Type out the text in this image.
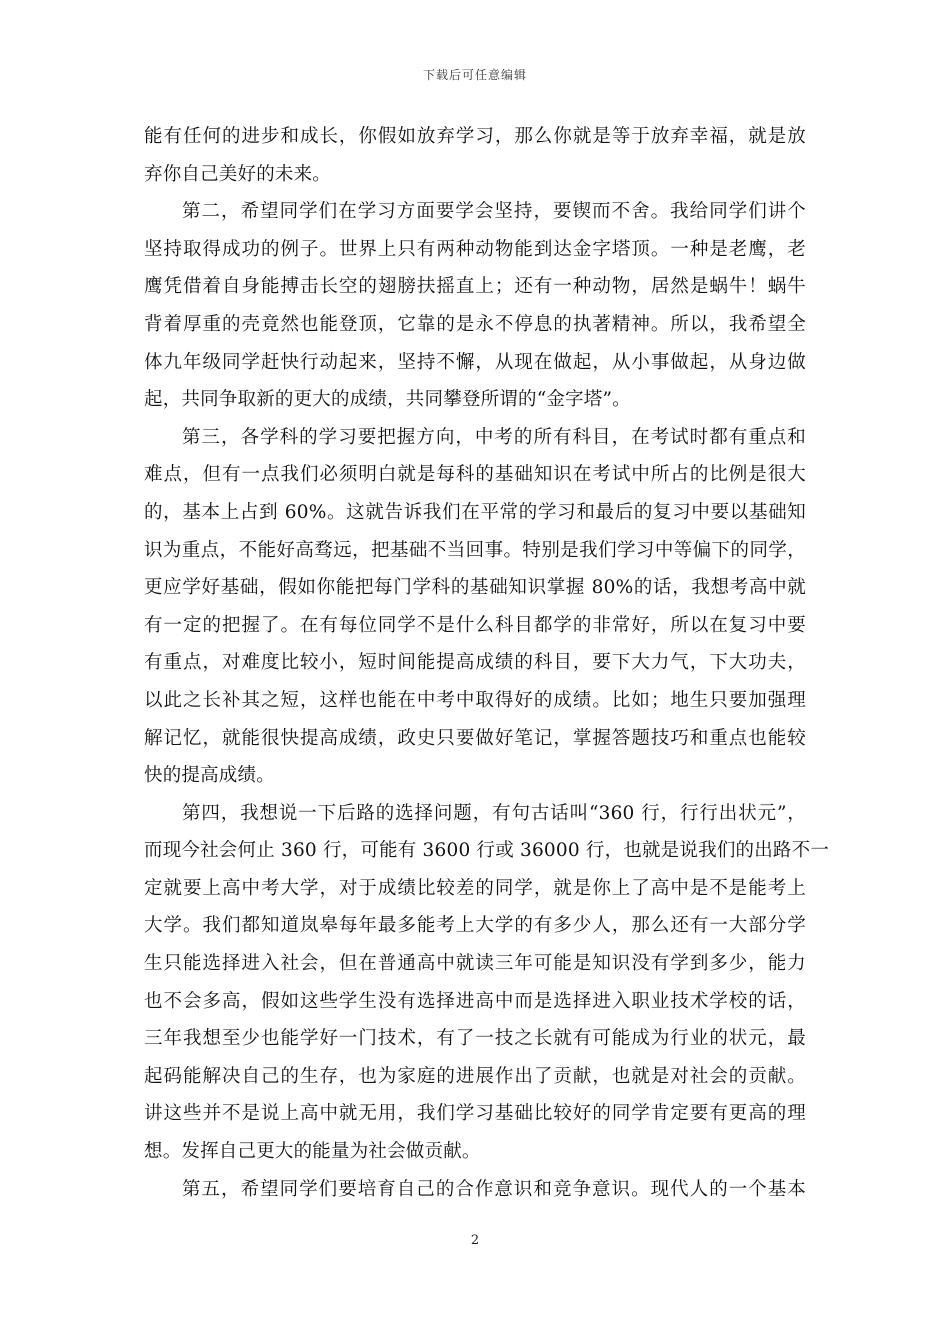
下载后可任意编辑
能有任何的进步和成长，你假如放弃学习，那么你就是等于放弃幸福，就是放
弃你自己美好的未来。
第二，希望同学们在学习方面要学会坚持，要锲而不舍。我给同学们讲个
坚持取得成功的例子。世界上只有两种动物能到达金字塔顶。一种是老鹰，老
鹰凭借着自身能搏击长空的翅膀扶摇直上；还有一种动物，居然是蜗牛！蜗牛
背着厚重的壳竟然也能登顶，它靠的是永不停息的执著精神。所以，我希望全
体九年级同学赶快行动起来，坚持不懈，从现在做起，从小事做起，从身边做
起，共同争取新的更大的成绩，共同攀登所谓的“金字塔”。
第三，各学科的学习要把握方向，中考的所有科目，在考试时都有重点和
难点，但有一点我们必须明白就是每科的基础知识在考试中所占的比例是很大
的，基本上占到 60%。这就告诉我们在平常的学习和最后的复习中要以基础知
识为重点，不能好高骛远，把基础不当回事。特别是我们学习中等偏下的同学，
更应学好基础，假如你能把每门学科的基础知识掌握 80%的话，我想考高中就
有一定的把握了。在有每位同学不是什么科目都学的非常好，所以在复习中要
有重点，对难度比较小，短时间能提高成绩的科目，要下大力气，下大功夫，
以此之长补其之短，这样也能在中考中取得好的成绩。比如；地生只要加强理
解记忆，就能很快提高成绩，政史只要做好笔记，掌握答题技巧和重点也能较
快的提高成绩。
第四，我想说一下后路的选择问题，有句古话叫“360 行，行行出状元”，
而现今社会何止 360 行，可能有 3600 行或 36000 行，也就是说我们的出路不一
定就要上高中考大学，对于成绩比较差的同学，就是你上了高中是不是能考上
大学。我们都知道岚皋每年最多能考上大学的有多少人，那么还有一大部分学
生只能选择进入社会，但在普通高中就读三年可能是知识没有学到多少，能力
也不会多高，假如这些学生没有选择进高中而是选择进入职业技术学校的话，
三年我想至少也能学好一门技术，有了一技之长就有可能成为行业的状元，最
起码能解决自己的生存，也为家庭的进展作出了贡献，也就是对社会的贡献。
讲这些并不是说上高中就无用，我们学习基础比较好的同学肯定要有更高的理
想。发挥自己更大的能量为社会做贡献。
第五，希望同学们要培育自己的合作意识和竞争意识。现代人的一个基本
2
